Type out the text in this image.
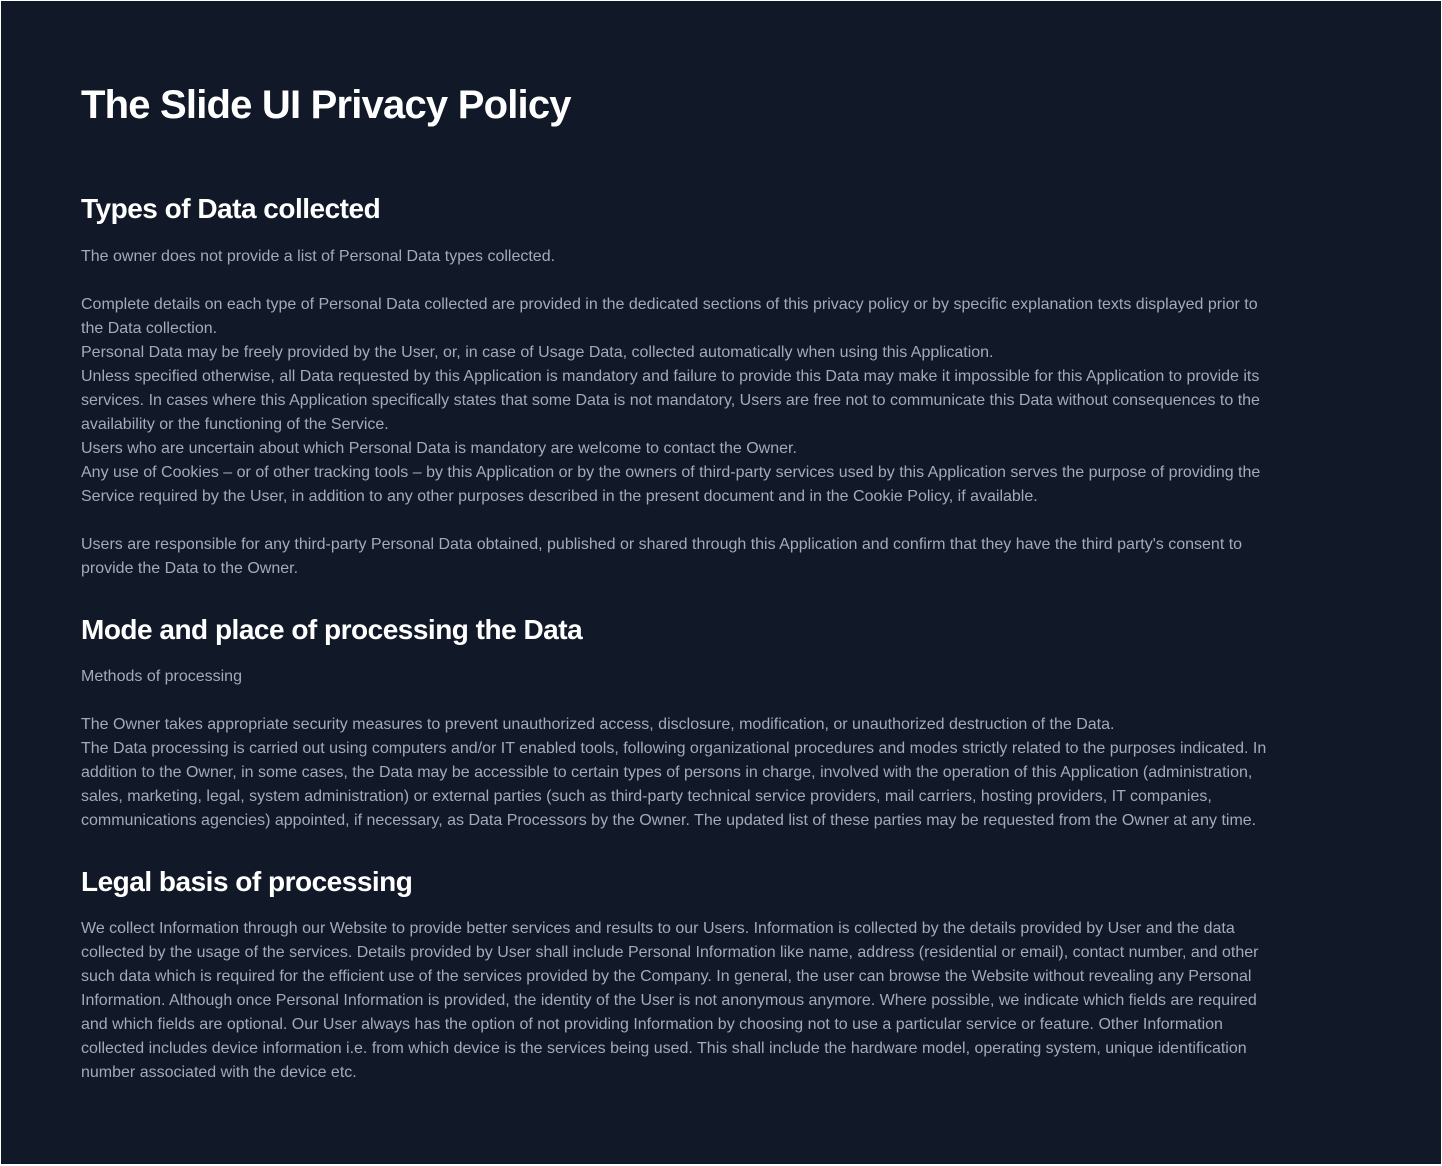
The Slide UI Privacy Policy
Types of Data collected

The owner does not provide a list of Personal Data types collected.

Complete details on each type of Personal Data collected are provided in the dedicated sections of this privacy policy or by specific explanation texts displayed prior to
the Data collection.
Personal Data may be freely provided by the User, or, in case of Usage Data, collected automatically when using this Application.
Unless specified otherwise, all Data requested by this Application is mandatory and failure to provide this Data may make it impossible for this Application to provide its
services. In cases where this Application specifically states that some Data is not mandatory, Users are free not to communicate this Data without consequences to the
availability or the functioning of the Service.
Users who are uncertain about which Personal Data is mandatory are welcome to contact the Owner.
Any use of Cookies – or of other tracking tools – by this Application or by the owners of third-party services used by this Application serves the purpose of providing the
Service required by the User, in addition to any other purposes described in the present document and in the Cookie Policy, if available.

Users are responsible for any third-party Personal Data obtained, published or shared through this Application and confirm that they have the third party's consent to
provide the Data to the Owner.

Mode and place of processing the Data

Methods of processing

The Owner takes appropriate security measures to prevent unauthorized access, disclosure, modification, or unauthorized destruction of the Data.
The Data processing is carried out using computers and/or IT enabled tools, following organizational procedures and modes strictly related to the purposes indicated. In
addition to the Owner, in some cases, the Data may be accessible to certain types of persons in charge, involved with the operation of this Application (administration,
sales, marketing, legal, system administration) or external parties (such as third-party technical service providers, mail carriers, hosting providers, IT companies,
communications agencies) appointed, if necessary, as Data Processors by the Owner. The updated list of these parties may be requested from the Owner at any time.

Legal basis of processing

We collect Information through our Website to provide better services and results to our Users. Information is collected by the details provided by User and the data
collected by the usage of the services. Details provided by User shall include Personal Information like name, address (residential or email), contact number, and other
such data which is required for the efficient use of the services provided by the Company. In general, the user can browse the Website without revealing any Personal
Information. Although once Personal Information is provided, the identity of the User is not anonymous anymore. Where possible, we indicate which fields are required
and which fields are optional. Our User always has the option of not providing Information by choosing not to use a particular service or feature. Other Information
collected includes device information i.e. from which device is the services being used. This shall include the hardware model, operating system, unique identification
number associated with the device etc.
